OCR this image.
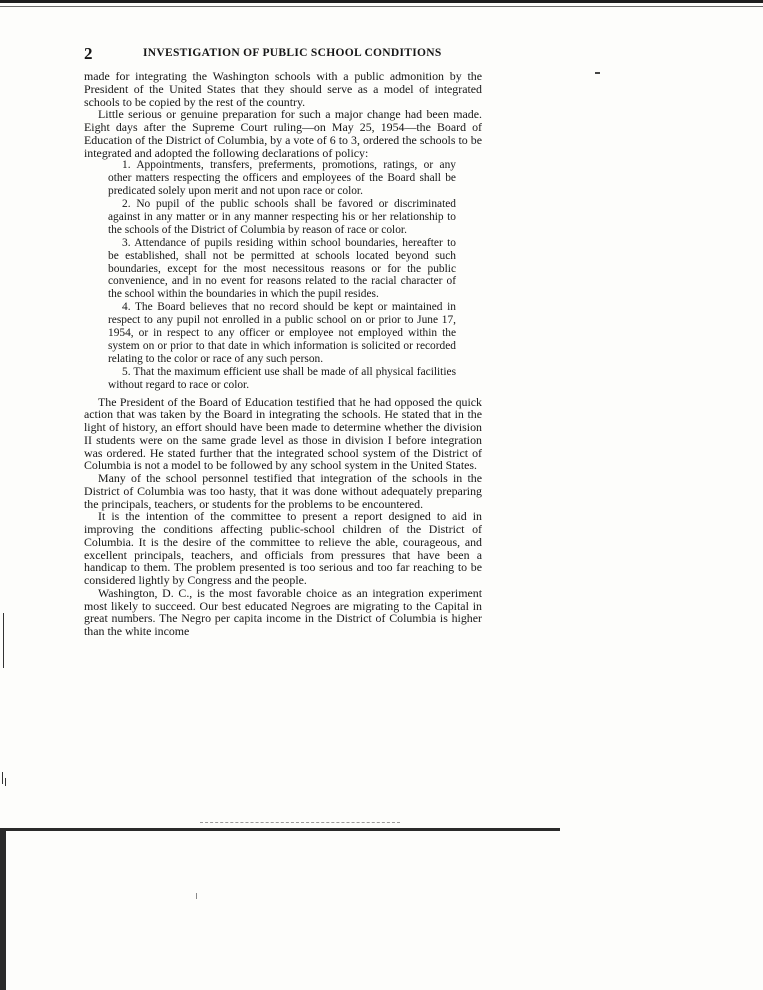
2	INVESTIGATION OF PUBLIC SCHOOL CONDITIONS

made for integrating the Washington schools with a public admonition by the President of the United States that they should serve as a model of integrated schools to be copied by the rest of the country.

Little serious or genuine preparation for such a major change had been made. Eight days after the Supreme Court ruling—on May 25, 1954—the Board of Education of the District of Columbia, by a vote of 6 to 3, ordered the schools to be integrated and adopted the following declarations of policy:

1. Appointments, transfers, preferments, promotions, ratings, or any other matters respecting the officers and employees of the Board shall be predicated solely upon merit and not upon race or color.
2. No pupil of the public schools shall be favored or discriminated against in any matter or in any manner respecting his or her relationship to the schools of the District of Columbia by reason of race or color.
3. Attendance of pupils residing within school boundaries, hereafter to be established, shall not be permitted at schools located beyond such boundaries, except for the most necessitous reasons or for the public convenience, and in no event for reasons related to the racial character of the school within the boundaries in which the pupil resides.
4. The Board believes that no record should be kept or maintained in respect to any pupil not enrolled in a public school on or prior to June 17, 1954, or in respect to any officer or employee not employed within the system on or prior to that date in which information is solicited or recorded relating to the color or race of any such person.
5. That the maximum efficient use shall be made of all physical facilities without regard to race or color.

The President of the Board of Education testified that he had opposed the quick action that was taken by the Board in integrating the schools. He stated that in the light of history, an effort should have been made to determine whether the division II students were on the same grade level as those in division I before integration was ordered. He stated further that the integrated school system of the District of Columbia is not a model to be followed by any school system in the United States.

Many of the school personnel testified that integration of the schools in the District of Columbia was too hasty, that it was done without adequately preparing the principals, teachers, or students for the problems to be encountered.

It is the intention of the committee to present a report designed to aid in improving the conditions affecting public-school children of the District of Columbia. It is the desire of the committee to relieve the able, courageous, and excellent principals, teachers, and officials from pressures that have been a handicap to them. The problem presented is too serious and too far reaching to be considered lightly by Congress and the people.

Washington, D. C., is the most favorable choice as an integration experiment most likely to succeed. Our best educated Negroes are migrating to the Capital in great numbers. The Negro per capita income in the District of Columbia is higher than the white income
